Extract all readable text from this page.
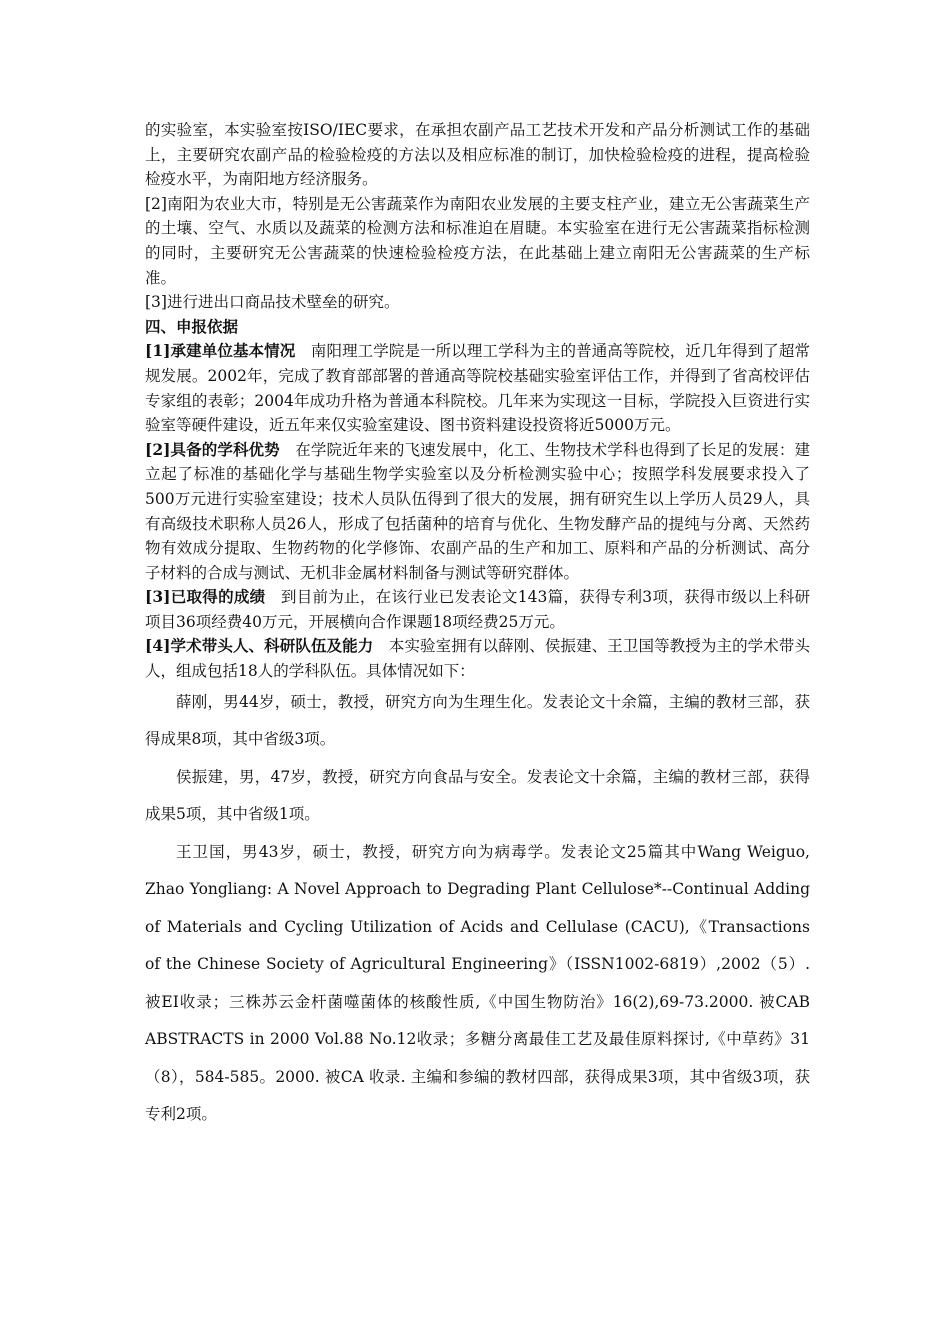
的实验室，本实验室按ISO/IEC要求，在承担农副产品工艺技术开发和产品分析测试工作的基础上，主要研究农副产品的检验检疫的方法以及相应标准的制订，加快检验检疫的进程，提高检验检疫水平，为南阳地方经济服务。

[2]南阳为农业大市，特别是无公害蔬菜作为南阳农业发展的主要支柱产业，建立无公害蔬菜生产的土壤、空气、水质以及蔬菜的检测方法和标准迫在眉睫。本实验室在进行无公害蔬菜指标检测的同时，主要研究无公害蔬菜的快速检验检疫方法，在此基础上建立南阳无公害蔬菜的生产标准。

[3]进行进出口商品技术壁垒的研究。

四、申报依据

[1]承建单位基本情况 南阳理工学院是一所以理工学科为主的普通高等院校，近几年得到了超常规发展。2002年，完成了教育部部署的普通高等院校基础实验室评估工作，并得到了省高校评估专家组的表彰；2004年成功升格为普通本科院校。几年来为实现这一目标，学院投入巨资进行实验室等硬件建设，近五年来仅实验室建设、图书资料建设投资将近5000万元。

[2]具备的学科优势 在学院近年来的飞速发展中，化工、生物技术学科也得到了长足的发展：建立起了标准的基础化学与基础生物学实验室以及分析检测实验中心；按照学科发展要求投入了500万元进行实验室建设；技术人员队伍得到了很大的发展，拥有研究生以上学历人员29人，具有高级技术职称人员26人，形成了包括菌种的培育与优化、生物发酵产品的提纯与分离、天然药物有效成分提取、生物药物的化学修饰、农副产品的生产和加工、原料和产品的分析测试、高分子材料的合成与测试、无机非金属材料制备与测试等研究群体。

[3]已取得的成绩 到目前为止，在该行业已发表论文143篇，获得专利3项，获得市级以上科研项目36项经费40万元，开展横向合作课题18项经费25万元。

[4]学术带头人、科研队伍及能力 本实验室拥有以薛刚、侯振建、王卫国等教授为主的学术带头人，组成包括18人的学科队伍。具体情况如下：

薛刚，男44岁，硕士，教授，研究方向为生理生化。发表论文十余篇，主编的教材三部，获得成果8项，其中省级3项。

侯振建，男，47岁，教授，研究方向食品与安全。发表论文十余篇，主编的教材三部，获得成果5项，其中省级1项。

王卫国，男43岁，硕士，教授，研究方向为病毒学。发表论文25篇其中Wang Weiguo, Zhao Yongliang: A Novel Approach to Degrading Plant Cellulose*--Continual Adding of Materials and Cycling Utilization of Acids and Cellulase (CACU),《Transactions of the Chinese Society of Agricultural Engineering》（ISSN1002-6819）,2002（5）. 被EI收录；三株苏云金杆菌噬菌体的核酸性质,《中国生物防治》16(2),69-73.2000. 被CAB ABSTRACTS in 2000 Vol.88 No.12收录；多糖分离最佳工艺及最佳原料探讨,《中草药》31（8），584-585。2000. 被CA 收录. 主编和参编的教材四部，获得成果3项，其中省级3项，获专利2项。
